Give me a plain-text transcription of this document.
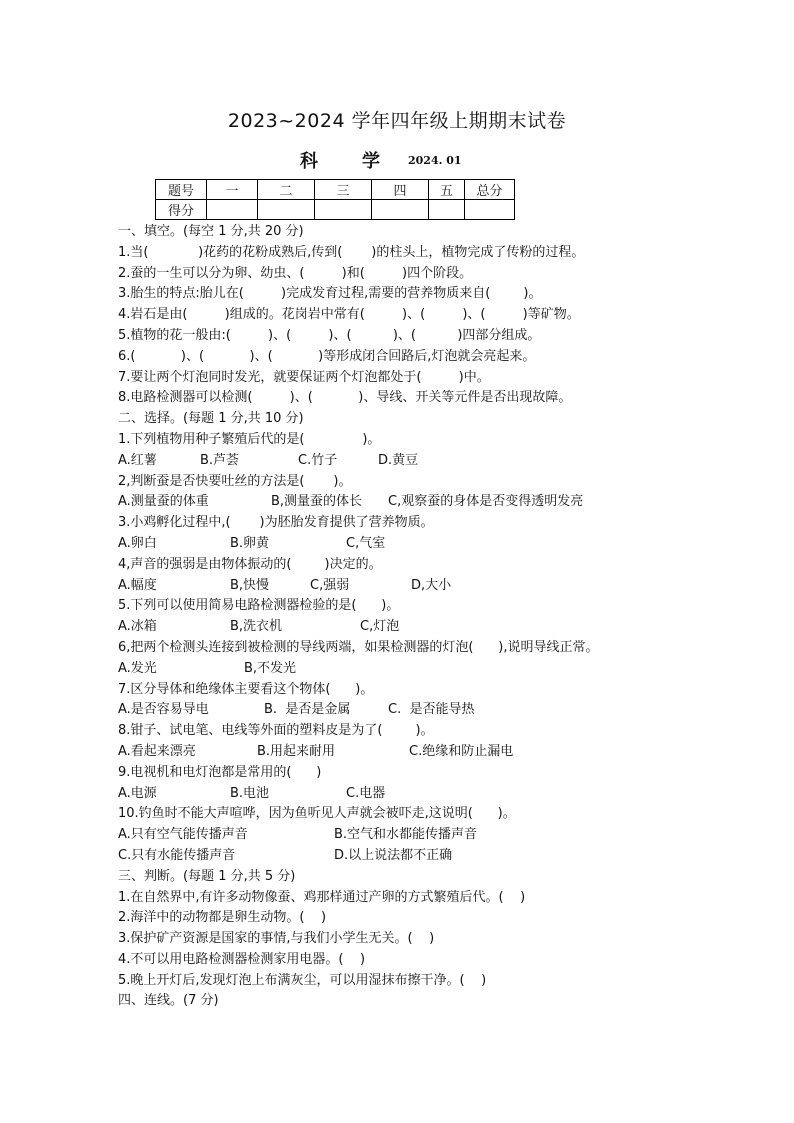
2023~2024 学年四年级上期期末试卷
科 学	2024. 01
题号	一	二	三	四	五	总分
得分						
一、填空。(每空 1 分,共 20 分)
1.当(            )花药的花粉成熟后,传到(       )的柱头上，植物完成了传粉的过程。
2.蚕的一生可以分为卵、幼虫、(         )和(         )四个阶段。
3.胎生的特点:胎儿在(         )完成发育过程,需要的营养物质来自(        )。
4.岩石是由(         )组成的。花岗岩中常有(         )、(         )、(         )等矿物。
5.植物的花一般由:(         )、(         )、(          )、(          )四部分组成。
6.(           )、(           )、(           )等形成闭合回路后,灯泡就会亮起来。
7.要让两个灯泡同时发光，就要保证两个灯泡都处于(         )中。
8.电路检测器可以检测(         )、(           )、导线、开关等元件是否出现故障。
二、选择。(每题 1 分,共 10 分)
1.下列植物用种子繁殖后代的是(              )。

A.红薯

	B.芦荟

	C.竹子

	D.黄豆

2,判断蚕是否快要吐丝的方法是(       )。

A.测量蚕的体重

	B,测量蚕的体长

C,观察蚕的身体是否变得透明发亮

3.小鸡孵化过程中,(       )为胚胎发育提供了营养物质。

A.卵白

	B.卵黄

	C,气室

4,声音的强弱是由物体振动的(        )决定的。

A.幅度

	B,快慢

	C,强弱

	D,大小

5.下列可以使用简易电路检测器检验的是(      )。

A.冰箱

	B,洗衣机

	C,灯泡

6,把两个检测头连接到被检测的导线两端，如果检测器的灯泡(      ),说明导线正常。

A.发光

	B,不发光

7.区分导体和绝缘体主要看这个物体(      )。

A.是否容易导电

	B.  是否是金属

	C.  是否能导热

8.钳子、试电笔、电线等外面的塑料皮是为了(        )。

A.看起来漂亮

	B.用起来耐用

	C.绝缘和防止漏电

9.电视机和电灯泡都是常用的(      )

A.电源

	B.电池

	C.电器

10.钓鱼时不能大声喧哗，因为鱼听见人声就会被吓走,这说明(      )。

A.只有空气能传播声音

	B.空气和水都能传播声音

C.只有水能传播声音

	D.以上说法都不正确

三、判断。(每题 1 分,共 5 分)
1.在自然界中,有许多动物像蚕、鸡那样通过产卵的方式繁殖后代。(    )
2.海洋中的动物都是卵生动物。(    )
3.保护矿产资源是国家的事情,与我们小学生无关。(    )
4.不可以用电路检测器检测家用电器。(    )
5.晚上开灯后,发现灯泡上布满灰尘，可以用湿抹布擦干净。(    )
四、连线。(7 分)
